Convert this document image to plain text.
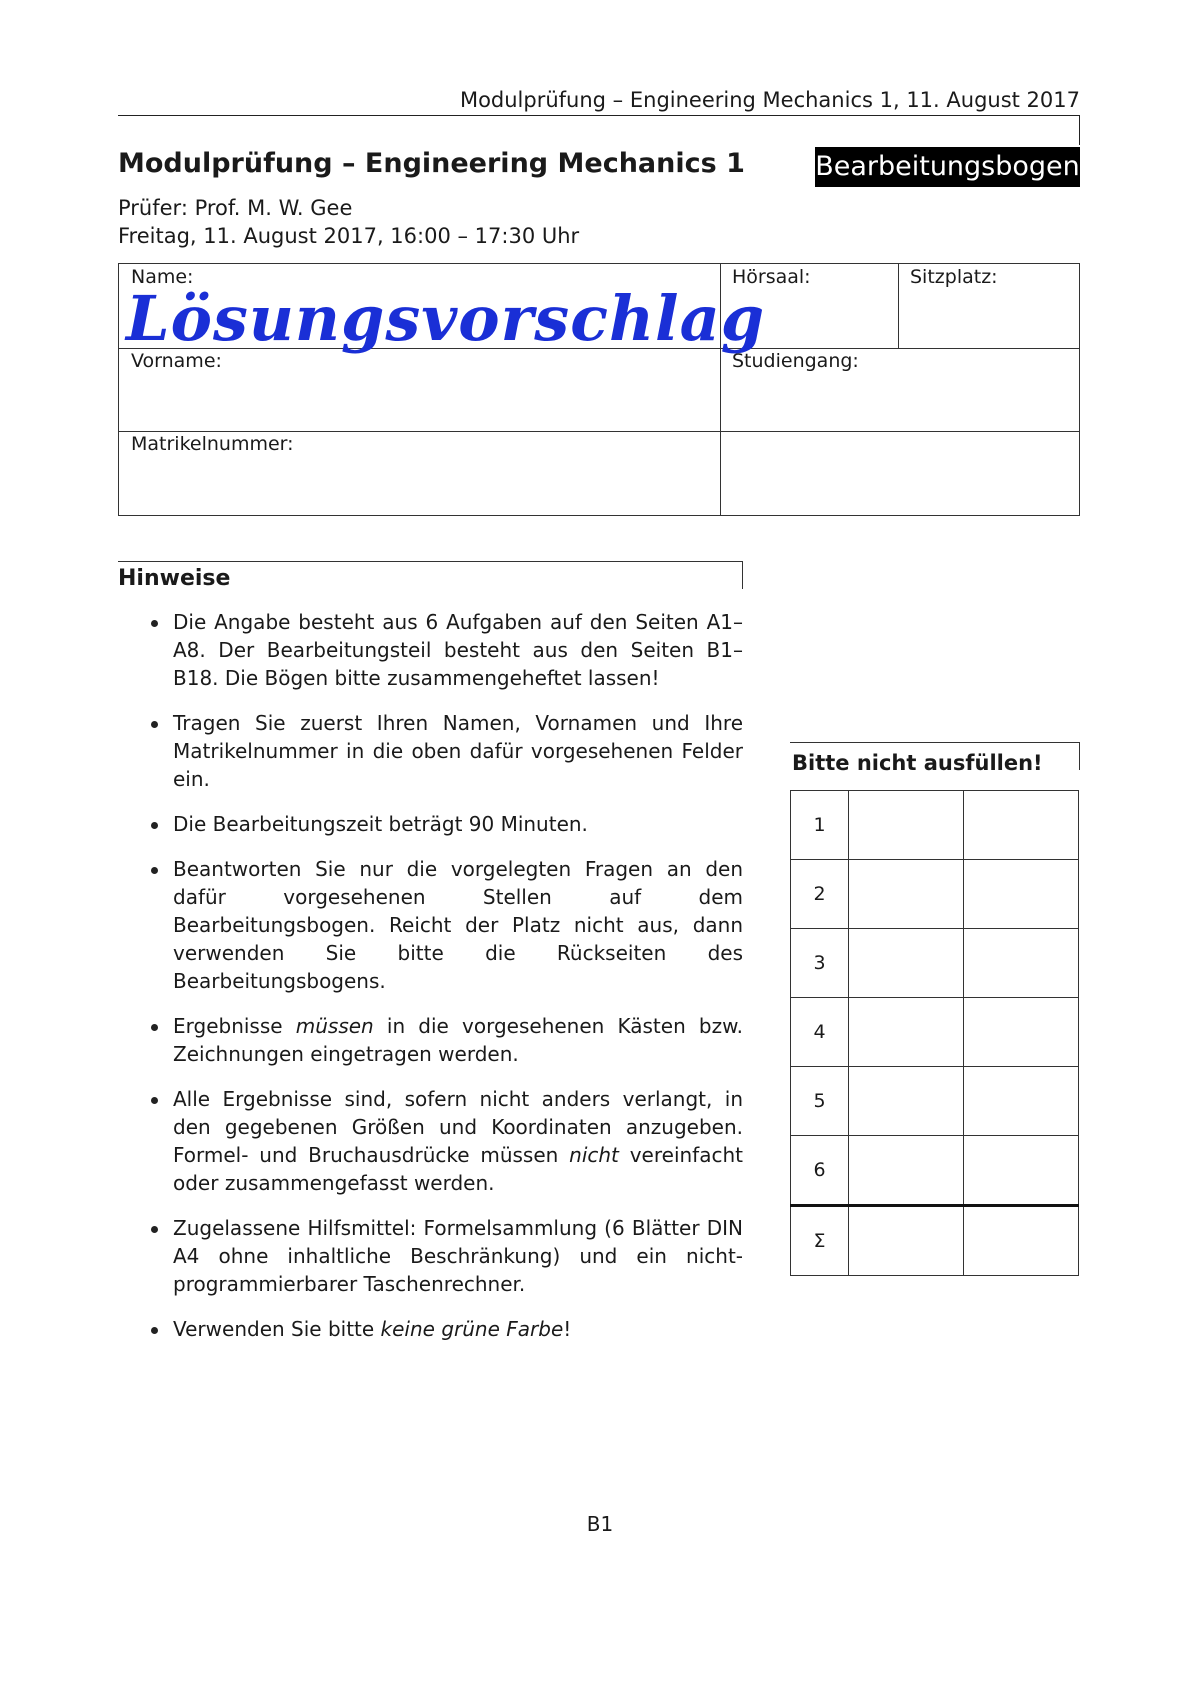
Modulprüfung – Engineering Mechanics 1, 11. August 2017
Modulprüfung – Engineering Mechanics 1	Bearbeitungsbogen
Prüfer: Prof. M. W. Gee
Freitag, 11. August 2017, 16:00 – 17:30 Uhr
Name:	Hörsaal:	Sitzplatz:
Vorname:	Studiengang:
Matrikelnummer:
Lösungsvorschlag
Hinweise
Die Angabe besteht aus 6 Aufgaben auf den Seiten A1–A8. Der Bearbeitungsteil besteht aus den Seiten B1–B18. Die Bögen bitte zusammengeheftet lassen!
Tragen Sie zuerst Ihren Namen, Vornamen und Ihre Matrikelnummer in die oben dafür vorgesehenen Felder ein.
Die Bearbeitungszeit beträgt 90 Minuten.
Beantworten Sie nur die vorgelegten Fragen an den dafür vorgesehenen Stellen auf dem Bearbeitungsbogen. Reicht der Platz nicht aus, dann verwenden Sie bitte die Rückseiten des Bearbeitungsbogens.
Ergebnisse müssen in die vorgesehenen Kästen bzw. Zeichnungen eingetragen werden.
Alle Ergebnisse sind, sofern nicht anders verlangt, in den gegebenen Größen und Koordinaten anzugeben. Formel- und Bruchausdrücke müssen nicht vereinfacht oder zusammengefasst werden.
Zugelassene Hilfsmittel: Formelsammlung (6 Blätter DIN A4 ohne inhaltliche Beschränkung) und ein nicht-programmierbarer Taschenrechner.
Verwenden Sie bitte keine grüne Farbe!
Bitte nicht ausfüllen!
1		
2		
3		
4		
5		
6		
Σ		
B1
